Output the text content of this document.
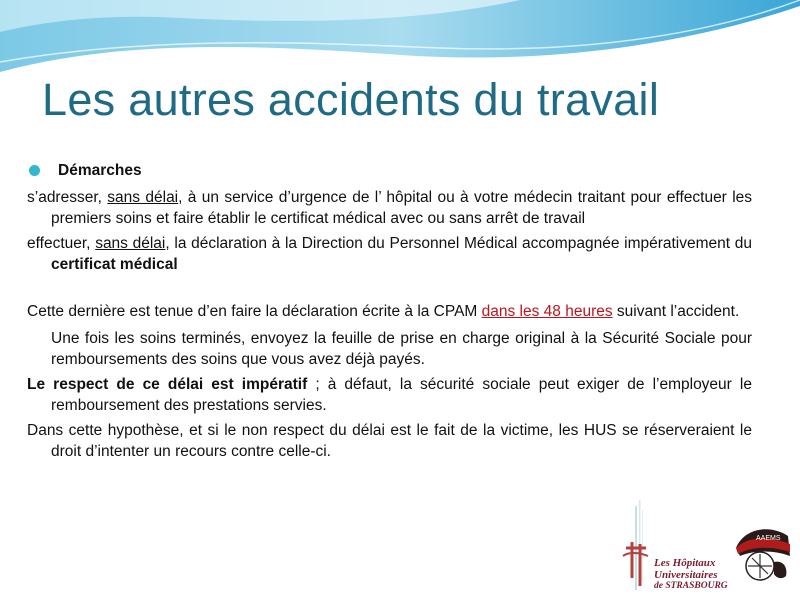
Les autres accidents du travail
Démarches

s’adresser, sans délai, à un service d’urgence de l’ hôpital ou à votre médecin traitant pour effectuer les premiers soins et faire établir le certificat médical avec ou sans arrêt de travail

effectuer, sans délai, la déclaration à la Direction du Personnel Médical accompagnée impérativement du certificat médical

Cette dernière est tenue d’en faire la déclaration écrite à la CPAM dans les 48 heures suivant l’accident.

Une fois les soins terminés, envoyez la feuille de prise en charge original à la Sécurité Sociale pour remboursements des soins que vous avez déjà payés.

Le respect de ce délai est impératif ; à défaut, la sécurité sociale peut exiger de l’employeur le remboursement des prestations servies.

Dans cette hypothèse, et si le non respect du délai est le fait de la victime, les HUS se réserveraient le droit d’intenter un recours contre celle-ci.

Les Hôpitaux
Universitaires
de STRASBOURG
AAEMS
